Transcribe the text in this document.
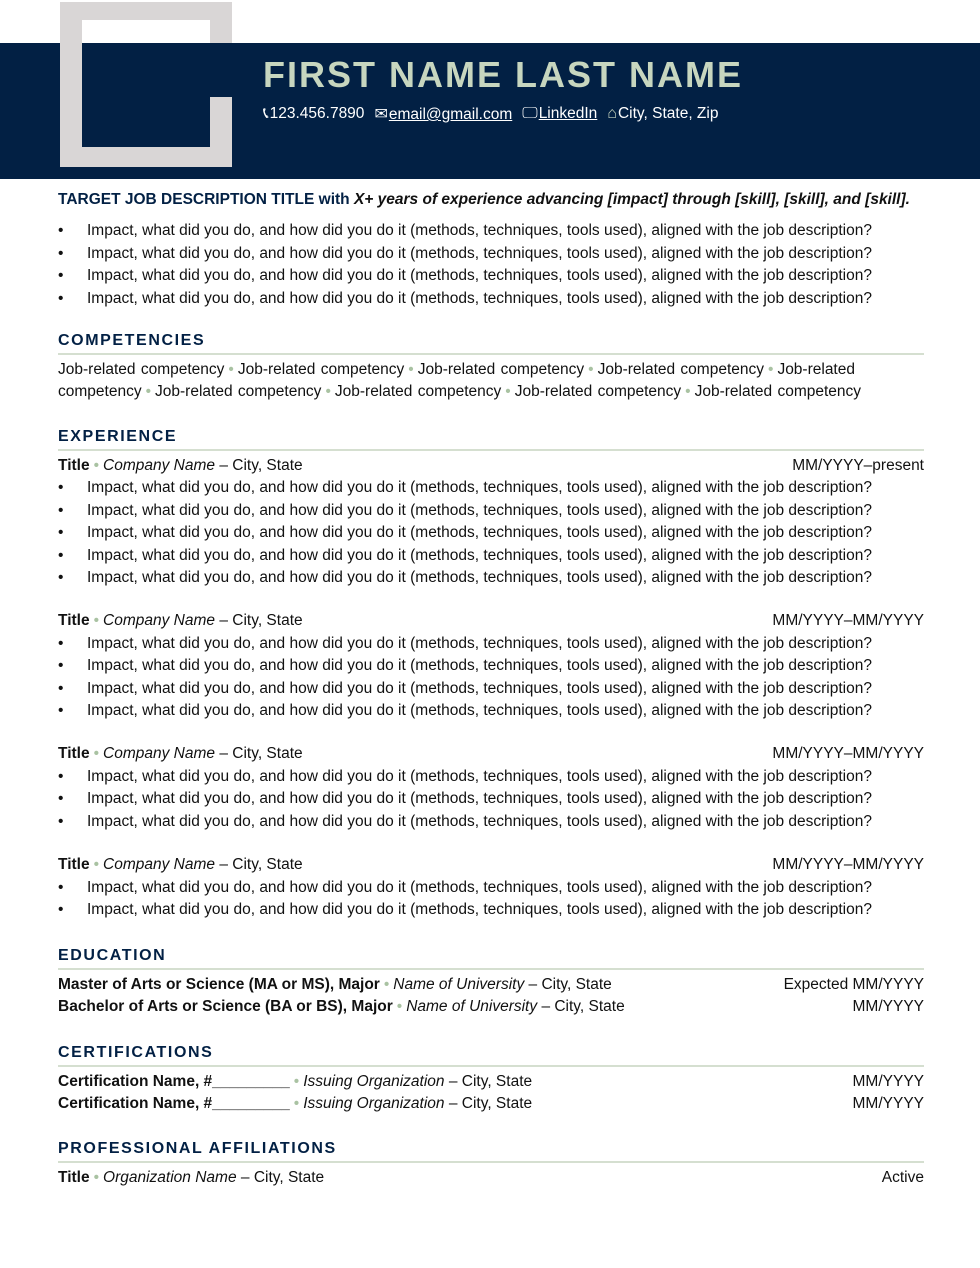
FIRST NAME LAST NAME
📞︎123.456.7890 ✉email@gmail.com 🖵︎LinkedIn ⌂City, State, Zip
TARGET JOB DESCRIPTION TITLE with X+ years of experience advancing [impact] through [skill], [skill], and [skill].
• Impact, what did you do, and how did you do it (methods, techniques, tools used), aligned with the job description?
• Impact, what did you do, and how did you do it (methods, techniques, tools used), aligned with the job description?
• Impact, what did you do, and how did you do it (methods, techniques, tools used), aligned with the job description?
• Impact, what did you do, and how did you do it (methods, techniques, tools used), aligned with the job description?
COMPETENCIES
Job-related competency • Job-related competency • Job-related competency • Job-related competency • Job-related competency • Job-related competency • Job-related competency • Job-related competency • Job-related competency
EXPERIENCE
Title • Company Name – City, State	MM/YYYY–present
• Impact, what did you do, and how did you do it (methods, techniques, tools used), aligned with the job description?
• Impact, what did you do, and how did you do it (methods, techniques, tools used), aligned with the job description?
• Impact, what did you do, and how did you do it (methods, techniques, tools used), aligned with the job description?
• Impact, what did you do, and how did you do it (methods, techniques, tools used), aligned with the job description?
• Impact, what did you do, and how did you do it (methods, techniques, tools used), aligned with the job description?
Title • Company Name – City, State	MM/YYYY–MM/YYYY
• Impact, what did you do, and how did you do it (methods, techniques, tools used), aligned with the job description?
• Impact, what did you do, and how did you do it (methods, techniques, tools used), aligned with the job description?
• Impact, what did you do, and how did you do it (methods, techniques, tools used), aligned with the job description?
• Impact, what did you do, and how did you do it (methods, techniques, tools used), aligned with the job description?
Title • Company Name – City, State	MM/YYYY–MM/YYYY
• Impact, what did you do, and how did you do it (methods, techniques, tools used), aligned with the job description?
• Impact, what did you do, and how did you do it (methods, techniques, tools used), aligned with the job description?
• Impact, what did you do, and how did you do it (methods, techniques, tools used), aligned with the job description?
Title • Company Name – City, State	MM/YYYY–MM/YYYY
• Impact, what did you do, and how did you do it (methods, techniques, tools used), aligned with the job description?
• Impact, what did you do, and how did you do it (methods, techniques, tools used), aligned with the job description?
EDUCATION
Master of Arts or Science (MA or MS), Major • Name of University – City, State	Expected MM/YYYY
Bachelor of Arts or Science (BA or BS), Major • Name of University – City, State	MM/YYYY
CERTIFICATIONS
Certification Name, #_________ • Issuing Organization – City, State	MM/YYYY
Certification Name, #_________ • Issuing Organization – City, State	MM/YYYY
PROFESSIONAL AFFILIATIONS
Title • Organization Name – City, State	Active
